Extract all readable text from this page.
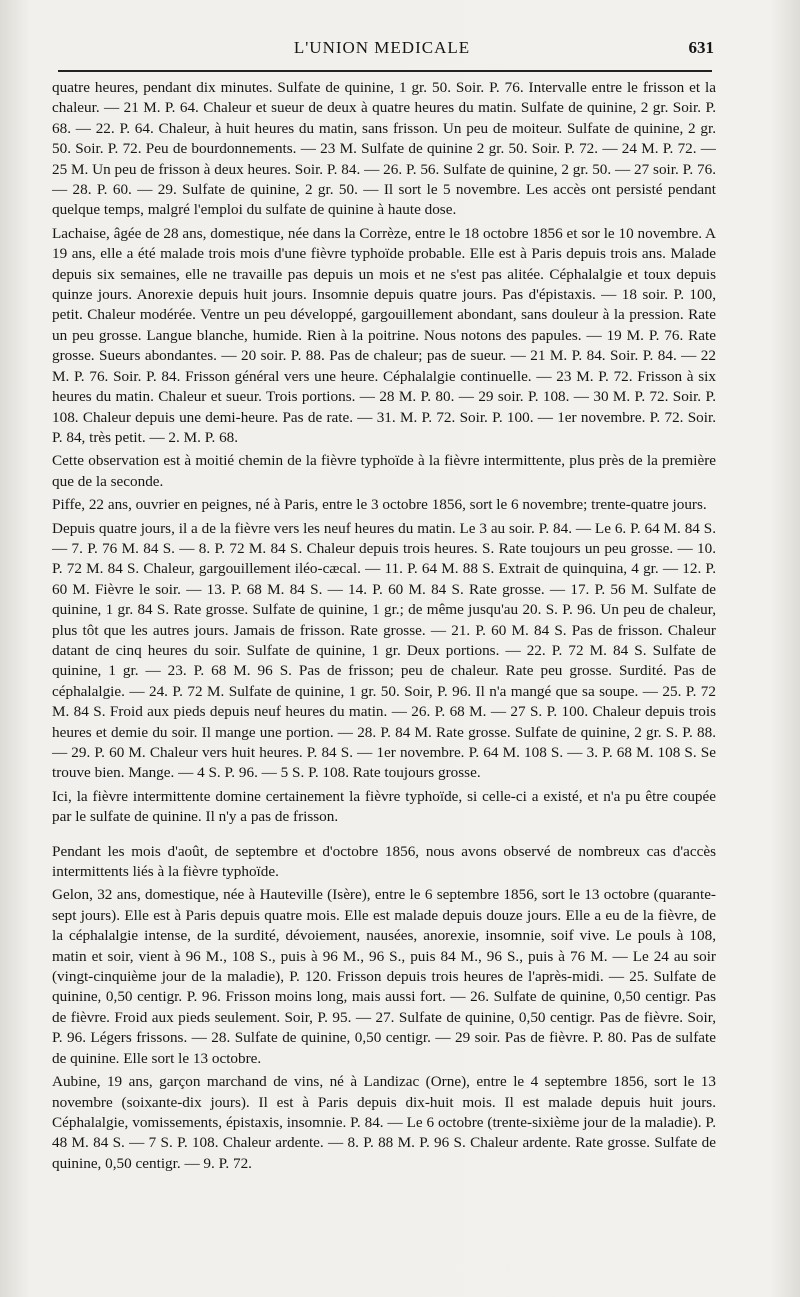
L'UNION MEDICALE	631

quatre heures, pendant dix minutes. Sulfate de quinine, 1 gr. 50. Soir. P. 76. Intervalle entre le frisson et la chaleur. — 21 M. P. 64. Chaleur et sueur de deux à quatre heures du matin. Sulfate de quinine, 2 gr. Soir. P. 68. — 22. P. 64. Chaleur, à huit heures du matin, sans frisson. Un peu de moiteur. Sulfate de quinine, 2 gr. 50. Soir. P. 72. Peu de bourdonnements. — 23 M. Sulfate de quinine 2 gr. 50. Soir. P. 72. — 24 M. P. 72. — 25 M. Un peu de frisson à deux heures. Soir. P. 84. — 26. P. 56. Sulfate de quinine, 2 gr. 50. — 27 soir. P. 76. — 28. P. 60. — 29. Sulfate de quinine, 2 gr. 50. — Il sort le 5 novembre. Les accès ont persisté pendant quelque temps, malgré l'emploi du sulfate de quinine à haute dose.

Lachaise, âgée de 28 ans, domestique, née dans la Corrèze, entre le 18 octobre 1856 et sor le 10 novembre. A 19 ans, elle a été malade trois mois d'une fièvre typhoïde probable. Elle est à Paris depuis trois ans. Malade depuis six semaines, elle ne travaille pas depuis un mois et ne s'est pas alitée. Céphalalgie et toux depuis quinze jours. Anorexie depuis huit jours. Insomnie depuis quatre jours. Pas d'épistaxis. — 18 soir. P. 100, petit. Chaleur modérée. Ventre un peu développé, gargouillement abondant, sans douleur à la pression. Rate un peu grosse. Langue blanche, humide. Rien à la poitrine. Nous notons des papules. — 19 M. P. 76. Rate grosse. Sueurs abondantes. — 20 soir. P. 88. Pas de chaleur; pas de sueur. — 21 M. P. 84. Soir. P. 84. — 22 M. P. 76. Soir. P. 84. Frisson général vers une heure. Céphalalgie continuelle. — 23 M. P. 72. Frisson à six heures du matin. Chaleur et sueur. Trois portions. — 28 M. P. 80. — 29 soir. P. 108. — 30 M. P. 72. Soir. P. 108. Chaleur depuis une demi-heure. Pas de rate. — 31. M. P. 72. Soir. P. 100. — 1er novembre. P. 72. Soir. P. 84, très petit. — 2. M. P. 68.

Cette observation est à moitié chemin de la fièvre typhoïde à la fièvre intermittente, plus près de la première que de la seconde.

Piffe, 22 ans, ouvrier en peignes, né à Paris, entre le 3 octobre 1856, sort le 6 novembre; trente-quatre jours.

Depuis quatre jours, il a de la fièvre vers les neuf heures du matin. Le 3 au soir. P. 84. — Le 6. P. 64 M. 84 S. — 7. P. 76 M. 84 S. — 8. P. 72 M. 84 S. Chaleur depuis trois heures. S. Rate toujours un peu grosse. — 10. P. 72 M. 84 S. Chaleur, gargouillement iléo-cæcal. — 11. P. 64 M. 88 S. Extrait de quinquina, 4 gr. — 12. P. 60 M. Fièvre le soir. — 13. P. 68 M. 84 S. — 14. P. 60 M. 84 S. Rate grosse. — 17. P. 56 M. Sulfate de quinine, 1 gr. 84 S. Rate grosse. Sulfate de quinine, 1 gr.; de même jusqu'au 20. S. P. 96. Un peu de chaleur, plus tôt que les autres jours. Jamais de frisson. Rate grosse. — 21. P. 60 M. 84 S. Pas de frisson. Chaleur datant de cinq heures du soir. Sulfate de quinine, 1 gr. Deux portions. — 22. P. 72 M. 84 S. Sulfate de quinine, 1 gr. — 23. P. 68 M. 96 S. Pas de frisson; peu de chaleur. Rate peu grosse. Surdité. Pas de céphalalgie. — 24. P. 72 M. Sulfate de quinine, 1 gr. 50. Soir, P. 96. Il n'a mangé que sa soupe. — 25. P. 72 M. 84 S. Froid aux pieds depuis neuf heures du matin. — 26. P. 68 M. — 27 S. P. 100. Chaleur depuis trois heures et demie du soir. Il mange une portion. — 28. P. 84 M. Rate grosse. Sulfate de quinine, 2 gr. S. P. 88. — 29. P. 60 M. Chaleur vers huit heures. P. 84 S. — 1er novembre. P. 64 M. 108 S. — 3. P. 68 M. 108 S. Se trouve bien. Mange. — 4 S. P. 96. — 5 S. P. 108. Rate toujours grosse.

Ici, la fièvre intermittente domine certainement la fièvre typhoïde, si celle-ci a existé, et n'a pu être coupée par le sulfate de quinine. Il n'y a pas de frisson.

Pendant les mois d'août, de septembre et d'octobre 1856, nous avons observé de nombreux cas d'accès intermittents liés à la fièvre typhoïde.

Gelon, 32 ans, domestique, née à Hauteville (Isère), entre le 6 septembre 1856, sort le 13 octobre (quarante-sept jours). Elle est à Paris depuis quatre mois. Elle est malade depuis douze jours. Elle a eu de la fièvre, de la céphalalgie intense, de la surdité, dévoiement, nausées, anorexie, insomnie, soif vive. Le pouls à 108, matin et soir, vient à 96 M., 108 S., puis à 96 M., 96 S., puis 84 M., 96 S., puis à 76 M. — Le 24 au soir (vingt-cinquième jour de la maladie), P. 120. Frisson depuis trois heures de l'après-midi. — 25. Sulfate de quinine, 0,50 centigr. P. 96. Frisson moins long, mais aussi fort. — 26. Sulfate de quinine, 0,50 centigr. Pas de fièvre. Froid aux pieds seulement. Soir, P. 95. — 27. Sulfate de quinine, 0,50 centigr. Pas de fièvre. Soir, P. 96. Légers frissons. — 28. Sulfate de quinine, 0,50 centigr. — 29 soir. Pas de fièvre. P. 80. Pas de sulfate de quinine. Elle sort le 13 octobre.

Aubine, 19 ans, garçon marchand de vins, né à Landizac (Orne), entre le 4 septembre 1856, sort le 13 novembre (soixante-dix jours). Il est à Paris depuis dix-huit mois. Il est malade depuis huit jours. Céphalalgie, vomissements, épistaxis, insomnie. P. 84. — Le 6 octobre (trente-sixième jour de la maladie). P. 48 M. 84 S. — 7 S. P. 108. Chaleur ardente. — 8. P. 88 M. P. 96 S. Chaleur ardente. Rate grosse. Sulfate de quinine, 0,50 centigr. — 9. P. 72.
